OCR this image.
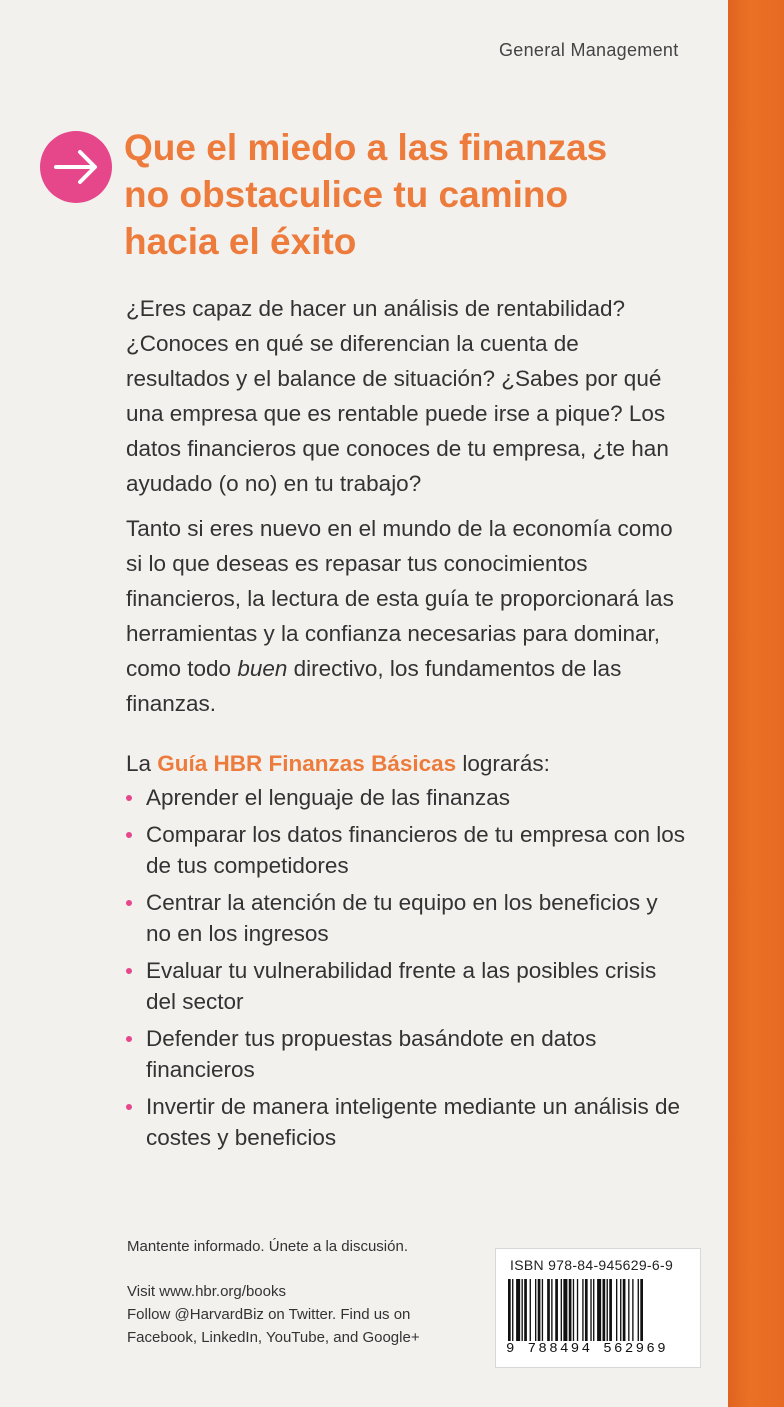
General Management
Que el miedo a las finanzas
no obstaculice tu camino
hacia el éxito

¿Eres capaz de hacer un análisis de rentabilidad? ¿Conoces en qué se diferencian la cuenta de resultados y el balance de situación? ¿Sabes por qué una empresa que es rentable puede irse a pique? Los datos financieros que conoces de tu empresa, ¿te han ayudado (o no) en tu trabajo?

Tanto si eres nuevo en el mundo de la economía como si lo que deseas es repasar tus conocimientos financieros, la lectura de esta guía te proporcionará las herramientas y la confianza necesarias para dominar, como todo buen directivo, los fundamentos de las finanzas.

La Guía HBR Finanzas Básicas lograrás:

Aprender el lenguaje de las finanzas
Comparar los datos financieros de tu empresa con los de tus competidores
Centrar la atención de tu equipo en los beneficios y no en los ingresos
Evaluar tu vulnerabilidad frente a las posibles crisis del sector
Defender tus propuestas basándote en datos financieros
Invertir de manera inteligente mediante un análisis de costes y beneficios
Mantente informado. Únete a la discusión.
Visit www.hbr.org/books
Follow @HarvardBiz on Twitter. Find us on
Facebook, LinkedIn, YouTube, and Google+
ISBN 978-84-945629-6-9
9 788494 562969
